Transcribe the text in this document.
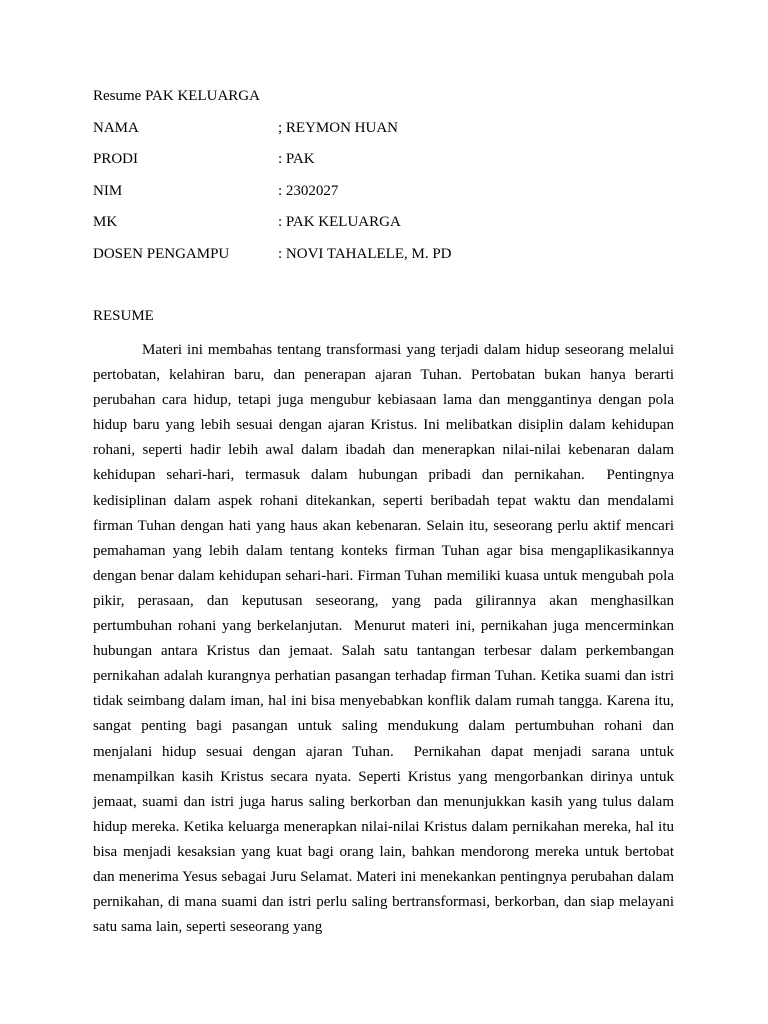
Resume PAK KELUARGA
NAMA	; REYMON HUAN
PRODI	: PAK
NIM	: 2302027
MK	: PAK KELUARGA
DOSEN PENGAMPU	: NOVI TAHALELE, M. PD
RESUME

Materi ini membahas tentang transformasi yang terjadi dalam hidup seseorang melalui pertobatan, kelahiran baru, dan penerapan ajaran Tuhan. Pertobatan bukan hanya berarti perubahan cara hidup, tetapi juga mengubur kebiasaan lama dan menggantinya dengan pola hidup baru yang lebih sesuai dengan ajaran Kristus. Ini melibatkan disiplin dalam kehidupan rohani, seperti hadir lebih awal dalam ibadah dan menerapkan nilai-nilai kebenaran dalam kehidupan sehari-hari, termasuk dalam hubungan pribadi dan pernikahan.  Pentingnya kedisiplinan dalam aspek rohani ditekankan, seperti beribadah tepat waktu dan mendalami firman Tuhan dengan hati yang haus akan kebenaran. Selain itu, seseorang perlu aktif mencari pemahaman yang lebih dalam tentang konteks firman Tuhan agar bisa mengaplikasikannya dengan benar dalam kehidupan sehari-hari. Firman Tuhan memiliki kuasa untuk mengubah pola pikir, perasaan, dan keputusan seseorang, yang pada gilirannya akan menghasilkan pertumbuhan rohani yang berkelanjutan.  Menurut materi ini, pernikahan juga mencerminkan hubungan antara Kristus dan jemaat. Salah satu tantangan terbesar dalam perkembangan pernikahan adalah kurangnya perhatian pasangan terhadap firman Tuhan. Ketika suami dan istri tidak seimbang dalam iman, hal ini bisa menyebabkan konflik dalam rumah tangga. Karena itu, sangat penting bagi pasangan untuk saling mendukung dalam pertumbuhan rohani dan menjalani hidup sesuai dengan ajaran Tuhan.  Pernikahan dapat menjadi sarana untuk menampilkan kasih Kristus secara nyata. Seperti Kristus yang mengorbankan dirinya untuk jemaat, suami dan istri juga harus saling berkorban dan menunjukkan kasih yang tulus dalam hidup mereka. Ketika keluarga menerapkan nilai-nilai Kristus dalam pernikahan mereka, hal itu bisa menjadi kesaksian yang kuat bagi orang lain, bahkan mendorong mereka untuk bertobat dan menerima Yesus sebagai Juru Selamat. Materi ini menekankan pentingnya perubahan dalam pernikahan, di mana suami dan istri perlu saling bertransformasi, berkorban, dan siap melayani satu sama lain, seperti seseorang yang
